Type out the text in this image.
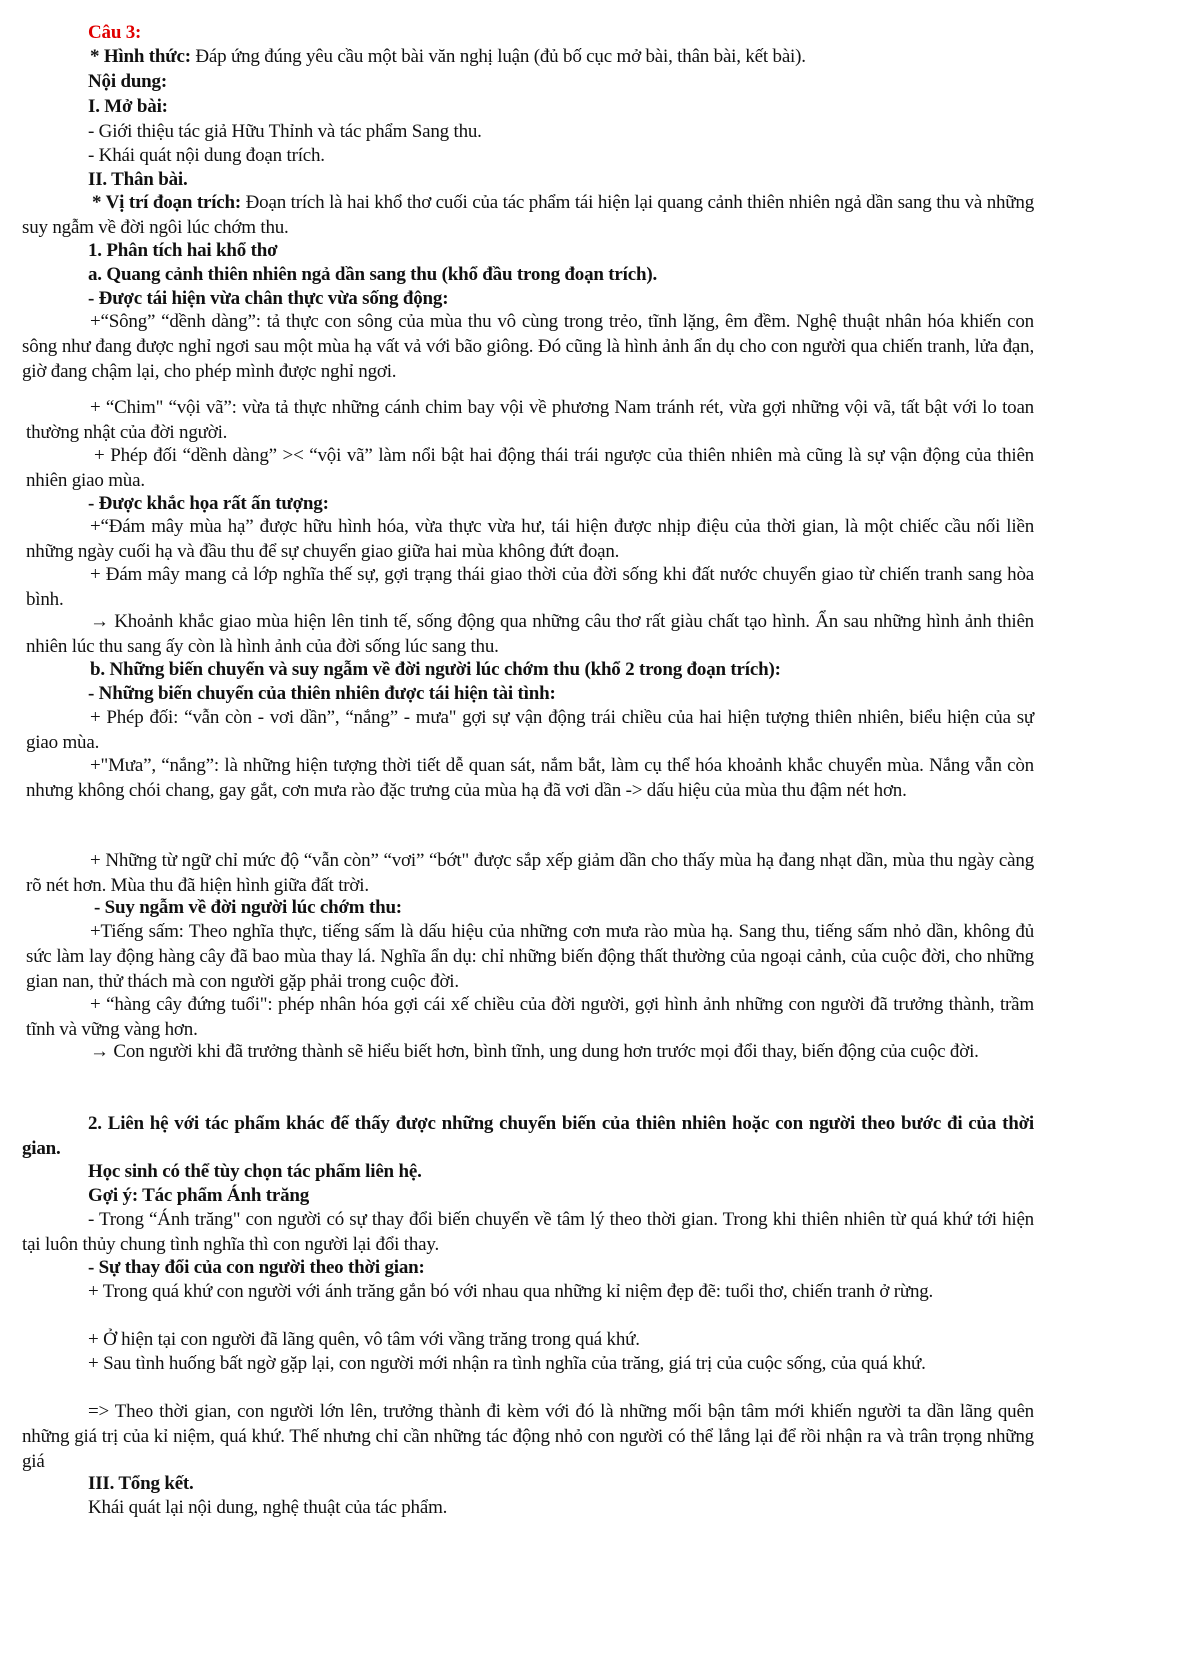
Câu 3:

* Hình thức: Đáp ứng đúng yêu cầu một bài văn nghị luận (đủ bố cục mở bài, thân bài, kết bài).

Nội dung:

I. Mở bài:

- Giới thiệu tác giả Hữu Thỉnh và tác phẩm Sang thu.

- Khái quát nội dung đoạn trích.

II. Thân bài.

* Vị trí đoạn trích: Đoạn trích là hai khổ thơ cuối của tác phẩm tái hiện lại quang cảnh thiên nhiên ngả dần sang thu và những suy ngẫm về đời ngôi lúc chớm thu.

1. Phân tích hai khổ thơ

a. Quang cảnh thiên nhiên ngả dần sang thu (khổ đầu trong đoạn trích).

- Được tái hiện vừa chân thực vừa sống động:

+“Sông” “dềnh dàng”: tả thực con sông của mùa thu vô cùng trong trẻo, tĩnh lặng, êm đềm. Nghệ thuật nhân hóa khiến con sông như đang được nghỉ ngơi sau một mùa hạ vất vả với bão giông. Đó cũng là hình ảnh ẩn dụ cho con người qua chiến tranh, lửa đạn, giờ đang chậm lại, cho phép mình được nghỉ ngơi.

+ “Chim" “vội vã”: vừa tả thực những cánh chim bay vội về phương Nam tránh rét, vừa gợi những vội vã, tất bật với lo toan thường nhật của đời người.

+ Phép đối “dềnh dàng” >< “vội vã” làm nổi bật hai động thái trái ngược của thiên nhiên mà cũng là sự vận động của thiên nhiên giao mùa.

- Được khắc họa rất ấn tượng:

+“Đám mây mùa hạ” được hữu hình hóa, vừa thực vừa hư, tái hiện được nhịp điệu của thời gian, là một chiếc cầu nối liền những ngày cuối hạ và đầu thu để sự chuyển giao giữa hai mùa không đứt đoạn.

+ Đám mây mang cả lớp nghĩa thế sự, gợi trạng thái giao thời của đời sống khi đất nước chuyển giao từ chiến tranh sang hòa bình.

→ Khoảnh khắc giao mùa hiện lên tinh tế, sống động qua những câu thơ rất giàu chất tạo hình. Ẩn sau những hình ảnh thiên nhiên lúc thu sang ấy còn là hình ảnh của đời sống lúc sang thu.

b. Những biến chuyển và suy ngẫm về đời người lúc chớm thu (khổ 2 trong đoạn trích):

- Những biến chuyển của thiên nhiên được tái hiện tài tình:

+ Phép đối: “vẫn còn - vơi dần”, “nắng” - mưa" gợi sự vận động trái chiều của hai hiện tượng thiên nhiên, biểu hiện của sự giao mùa.

+"Mưa”, “nắng”: là những hiện tượng thời tiết dễ quan sát, nắm bắt, làm cụ thể hóa khoảnh khắc chuyển mùa. Nắng vẫn còn nhưng không chói chang, gay gắt, cơn mưa rào đặc trưng của mùa hạ đã vơi dần -> dấu hiệu của mùa thu đậm nét hơn.

+ Những từ ngữ chỉ mức độ “vẫn còn” “vơi” “bớt" được sắp xếp giảm dần cho thấy mùa hạ đang nhạt dần, mùa thu ngày càng rõ nét hơn. Mùa thu đã hiện hình giữa đất trời.

- Suy ngẫm về đời người lúc chớm thu:

+Tiếng sấm: Theo nghĩa thực, tiếng sấm là dấu hiệu của những cơn mưa rào mùa hạ. Sang thu, tiếng sấm nhỏ dần, không đủ sức làm lay động hàng cây đã bao mùa thay lá. Nghĩa ẩn dụ: chỉ những biến động thất thường của ngoại cảnh, của cuộc đời, cho những gian nan, thử thách mà con người gặp phải trong cuộc đời.

+ “hàng cây đứng tuổi": phép nhân hóa gợi cái xế chiều của đời người, gợi hình ảnh những con người đã trưởng thành, trầm tĩnh và vững vàng hơn.

→ Con người khi đã trưởng thành sẽ hiểu biết hơn, bình tĩnh, ung dung hơn trước mọi đổi thay, biến động của cuộc đời.

2. Liên hệ với tác phẩm khác để thấy được những chuyển biến của thiên nhiên hoặc con người theo bước đi của thời gian.

Học sinh có thể tùy chọn tác phẩm liên hệ.

Gợi ý: Tác phẩm Ánh trăng

- Trong “Ánh trăng" con người có sự thay đổi biến chuyển về tâm lý theo thời gian. Trong khi thiên nhiên từ quá khứ tới hiện tại luôn thủy chung tình nghĩa thì con người lại đổi thay.

- Sự thay đổi của con người theo thời gian:

+ Trong quá khứ con người với ánh trăng gắn bó với nhau qua những kỉ niệm đẹp đẽ: tuổi thơ, chiến tranh ở rừng.

+ Ở hiện tại con người đã lãng quên, vô tâm với vầng trăng trong quá khứ.

+ Sau tình huống bất ngờ gặp lại, con người mới nhận ra tình nghĩa của trăng, giá trị của cuộc sống, của quá khứ.

=> Theo thời gian, con người lớn lên, trưởng thành đi kèm với đó là những mối bận tâm mới khiến người ta dần lãng quên những giá trị của kỉ niệm, quá khứ. Thế nhưng chỉ cần những tác động nhỏ con người có thể lắng lại để rồi nhận ra và trân trọng những giá

III. Tổng kết.

Khái quát lại nội dung, nghệ thuật của tác phẩm.
